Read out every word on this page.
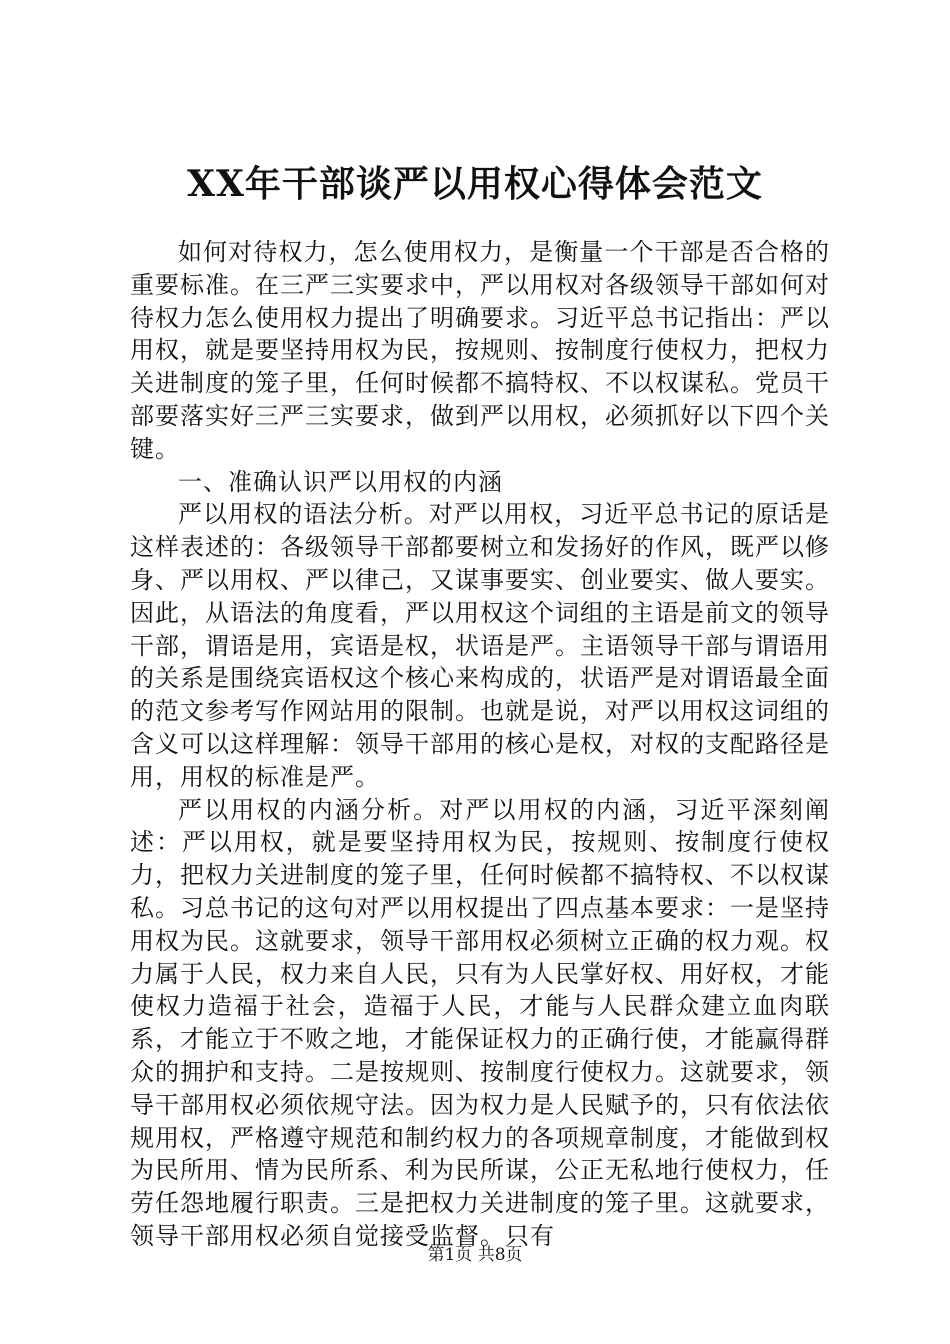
XX年干部谈严以用权心得体会范文

如何对待权力，怎么使用权力，是衡量一个干部是否合格的重要标准。在三严三实要求中，严以用权对各级领导干部如何对待权力怎么使用权力提出了明确要求。习近平总书记指出：严以用权，就是要坚持用权为民，按规则、按制度行使权力，把权力关进制度的笼子里，任何时候都不搞特权、不以权谋私。党员干部要落实好三严三实要求，做到严以用权，必须抓好以下四个关键。

一、准确认识严以用权的内涵

严以用权的语法分析。对严以用权，习近平总书记的原话是这样表述的：各级领导干部都要树立和发扬好的作风，既严以修身、严以用权、严以律己，又谋事要实、创业要实、做人要实。因此，从语法的角度看，严以用权这个词组的主语是前文的领导干部，谓语是用，宾语是权，状语是严。主语领导干部与谓语用的关系是围绕宾语权这个核心来构成的，状语严是对谓语最全面的范文参考写作网站用的限制。也就是说，对严以用权这词组的含义可以这样理解：领导干部用的核心是权，对权的支配路径是用，用权的标准是严。

严以用权的内涵分析。对严以用权的内涵，习近平深刻阐述：严以用权，就是要坚持用权为民，按规则、按制度行使权力，把权力关进制度的笼子里，任何时候都不搞特权、不以权谋私。习总书记的这句对严以用权提出了四点基本要求：一是坚持用权为民。这就要求，领导干部用权必须树立正确的权力观。权力属于人民，权力来自人民，只有为人民掌好权、用好权，才能使权力造福于社会，造福于人民，才能与人民群众建立血肉联系，才能立于不败之地，才能保证权力的正确行使，才能赢得群众的拥护和支持。二是按规则、按制度行使权力。这就要求，领导干部用权必须依规守法。因为权力是人民赋予的，只有依法依规用权，严格遵守规范和制约权力的各项规章制度，才能做到权为民所用、情为民所系、利为民所谋，公正无私地行使权力，任劳任怨地履行职责。三是把权力关进制度的笼子里。这就要求，领导干部用权必须自觉接受监督。只有

第1页 共8页
